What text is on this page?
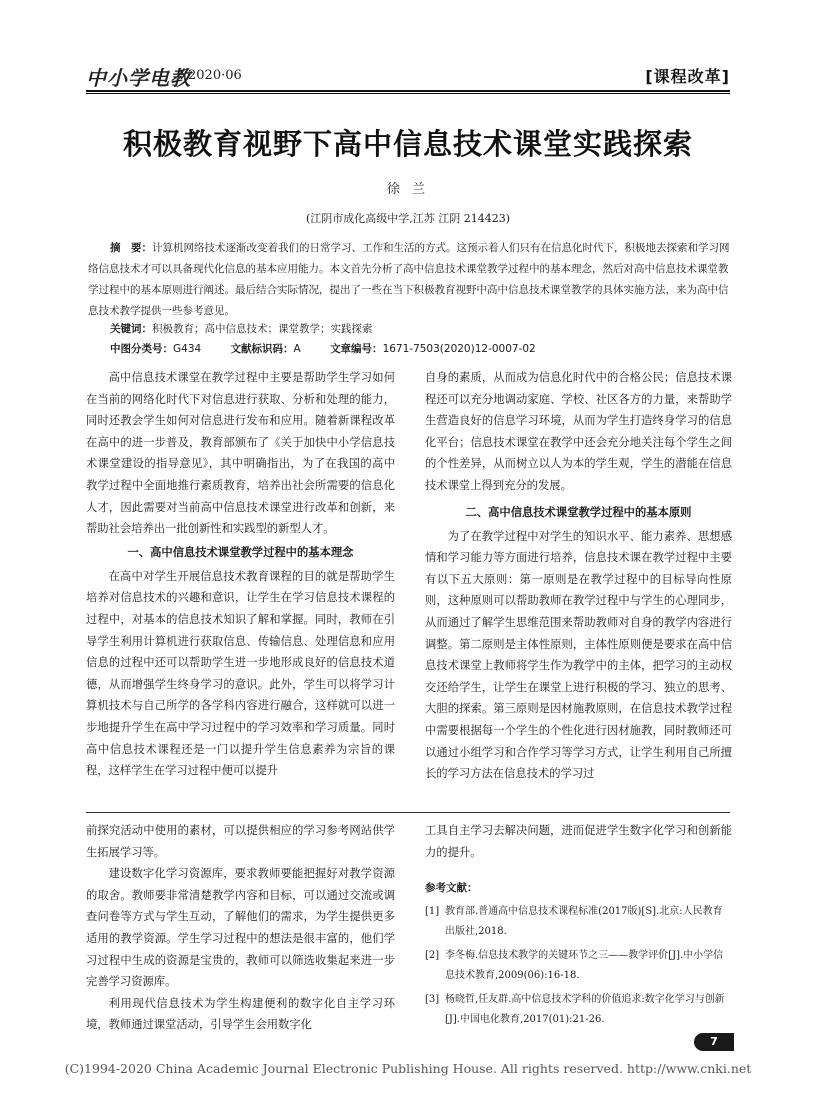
中小学电教
2020·06	[课程改革]
积极教育视野下高中信息技术课堂实践探索
徐 兰
(江阴市成化高级中学,江苏 江阴 214423)
摘　要：计算机网络技术逐渐改变着我们的日常学习、工作和生活的方式。这预示着人们只有在信息化时代下，积极地去探索和学习网络信息技术才可以具备现代化信息的基本应用能力。本文首先分析了高中信息技术课堂教学过程中的基本理念，然后对高中信息技术课堂教学过程中的基本原则进行阐述。最后结合实际情况，提出了一些在当下积极教育视野中高中信息技术课堂教学的具体实施方法，来为高中信息技术教学提供一些参考意见。
关键词：积极教育；高中信息技术；课堂教学；实践探索
中图分类号：G434	文献标识码：A	文章编号：1671-7503(2020)12-0007-02

高中信息技术课堂在教学过程中主要是帮助学生学习如何在当前的网络化时代下对信息进行获取、分析和处理的能力，同时还教会学生如何对信息进行发布和应用。随着新课程改革在高中的进一步普及，教育部颁布了《关于加快中小学信息技术课堂建设的指导意见》，其中明确指出，为了在我国的高中教学过程中全面地推行素质教育，培养出社会所需要的信息化人才，因此需要对当前高中信息技术课堂进行改革和创新，来帮助社会培养出一批创新性和实践型的新型人才。

一、高中信息技术课堂教学过程中的基本理念

在高中对学生开展信息技术教育课程的目的就是帮助学生培养对信息技术的兴趣和意识，让学生在学习信息技术课程的过程中，对基本的信息技术知识了解和掌握。同时，教师在引导学生利用计算机进行获取信息、传输信息、处理信息和应用信息的过程中还可以帮助学生进一步地形成良好的信息技术道德，从而增强学生终身学习的意识。此外，学生可以将学习计算机技术与自己所学的各学科内容进行融合，这样就可以进一步地提升学生在高中学习过程中的学习效率和学习质量。同时高中信息技术课程还是一门以提升学生信息素养为宗旨的课程，这样学生在学习过程中便可以提升

自身的素质，从而成为信息化时代中的合格公民；信息技术课程还可以充分地调动家庭、学校、社区各方的力量，来帮助学生营造良好的信息学习环境，从而为学生打造终身学习的信息化平台；信息技术课堂在教学中还会充分地关注每个学生之间的个性差异，从而树立以人为本的学生观，学生的潜能在信息技术课堂上得到充分的发展。

二、高中信息技术课堂教学过程中的基本原则

为了在教学过程中对学生的知识水平、能力素养、思想感情和学习能力等方面进行培养，信息技术课在教学过程中主要有以下五大原则：第一原则是在教学过程中的目标导向性原则，这种原则可以帮助教师在教学过程中与学生的心理同步，从而通过了解学生思维范围来帮助教师对自身的教学内容进行调整。第二原则是主体性原则，主体性原则便是要求在高中信息技术课堂上教师将学生作为教学中的主体，把学习的主动权交还给学生，让学生在课堂上进行积极的学习、独立的思考、大胆的探索。第三原则是因材施教原则，在信息技术教学过程中需要根据每一个学生的个性化进行因材施教，同时教师还可以通过小组学习和合作学习等学习方式，让学生利用自己所擅长的学习方法在信息技术的学习过

前探究活动中使用的素材，可以提供相应的学习参考网站供学生拓展学习等。

建设数字化学习资源库，要求教师要能把握好对教学资源的取舍。教师要非常清楚教学内容和目标，可以通过交流或调查问卷等方式与学生互动，了解他们的需求，为学生提供更多适用的教学资源。学生学习过程中的想法是很丰富的，他们学习过程中生成的资源是宝贵的，教师可以筛选收集起来进一步完善学习资源库。

利用现代信息技术为学生构建便利的数字化自主学习环境，教师通过课堂活动，引导学生会用数字化

工具自主学习去解决问题，进而促进学生数字化学习和创新能力的提升。

参考文献：
[1] 教育部.普通高中信息技术课程标准(2017版)[S].北京:人民教育出版社,2018.
[2] 李冬梅.信息技术教学的关键环节之三——教学评价[J].中小学信息技术教育,2009(06):16-18.
[3] 杨晓哲,任友群.高中信息技术学科的价值追求:数字化学习与创新[J].中国电化教育,2017(01):21-26.
7
(C)1994-2020 China Academic Journal Electronic Publishing House. All rights reserved. http://www.cnki.net
